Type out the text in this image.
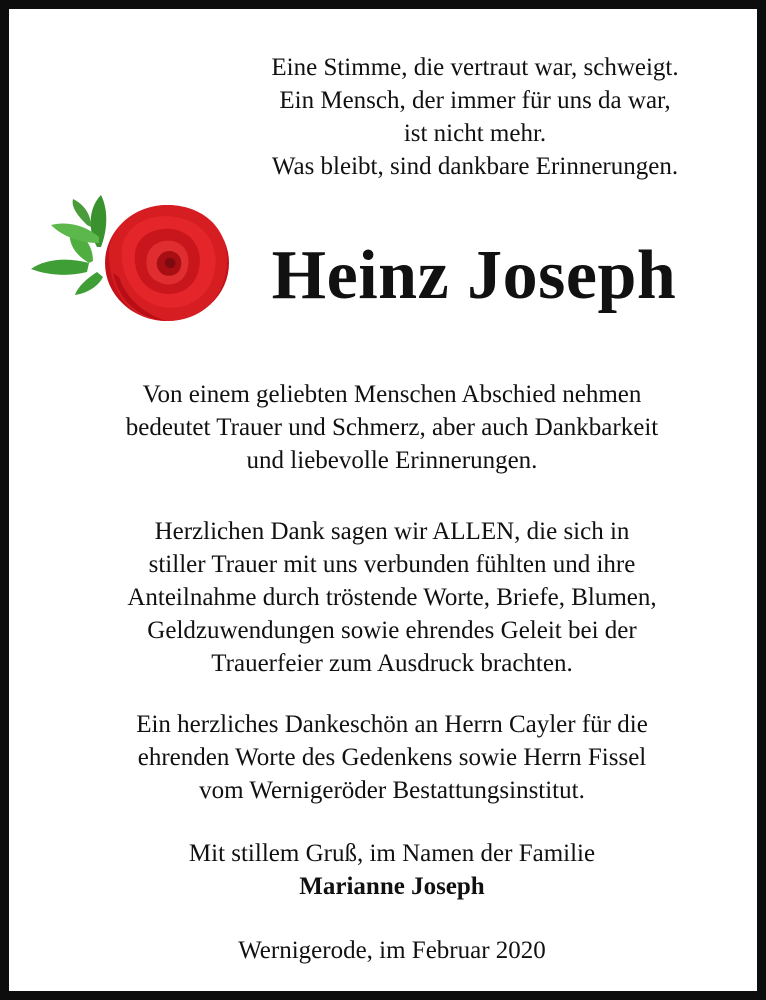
Eine Stimme, die vertraut war, schweigt.
Ein Mensch, der immer für uns da war,
ist nicht mehr.
Was bleibt, sind dankbare Erinnerungen.
Heinz Joseph
Von einem geliebten Menschen Abschied nehmen
bedeutet Trauer und Schmerz, aber auch Dankbarkeit
und liebevolle Erinnerungen.
Herzlichen Dank sagen wir ALLEN, die sich in
stiller Trauer mit uns verbunden fühlten und ihre
Anteilnahme durch tröstende Worte, Briefe, Blumen,
Geldzuwendungen sowie ehrendes Geleit bei der
Trauerfeier zum Ausdruck brachten.
Ein herzliches Dankeschön an Herrn Cayler für die
ehrenden Worte des Gedenkens sowie Herrn Fissel
vom Wernigeröder Bestattungsinstitut.
Mit stillem Gruß, im Namen der Familie
Marianne Joseph
Wernigerode, im Februar 2020
